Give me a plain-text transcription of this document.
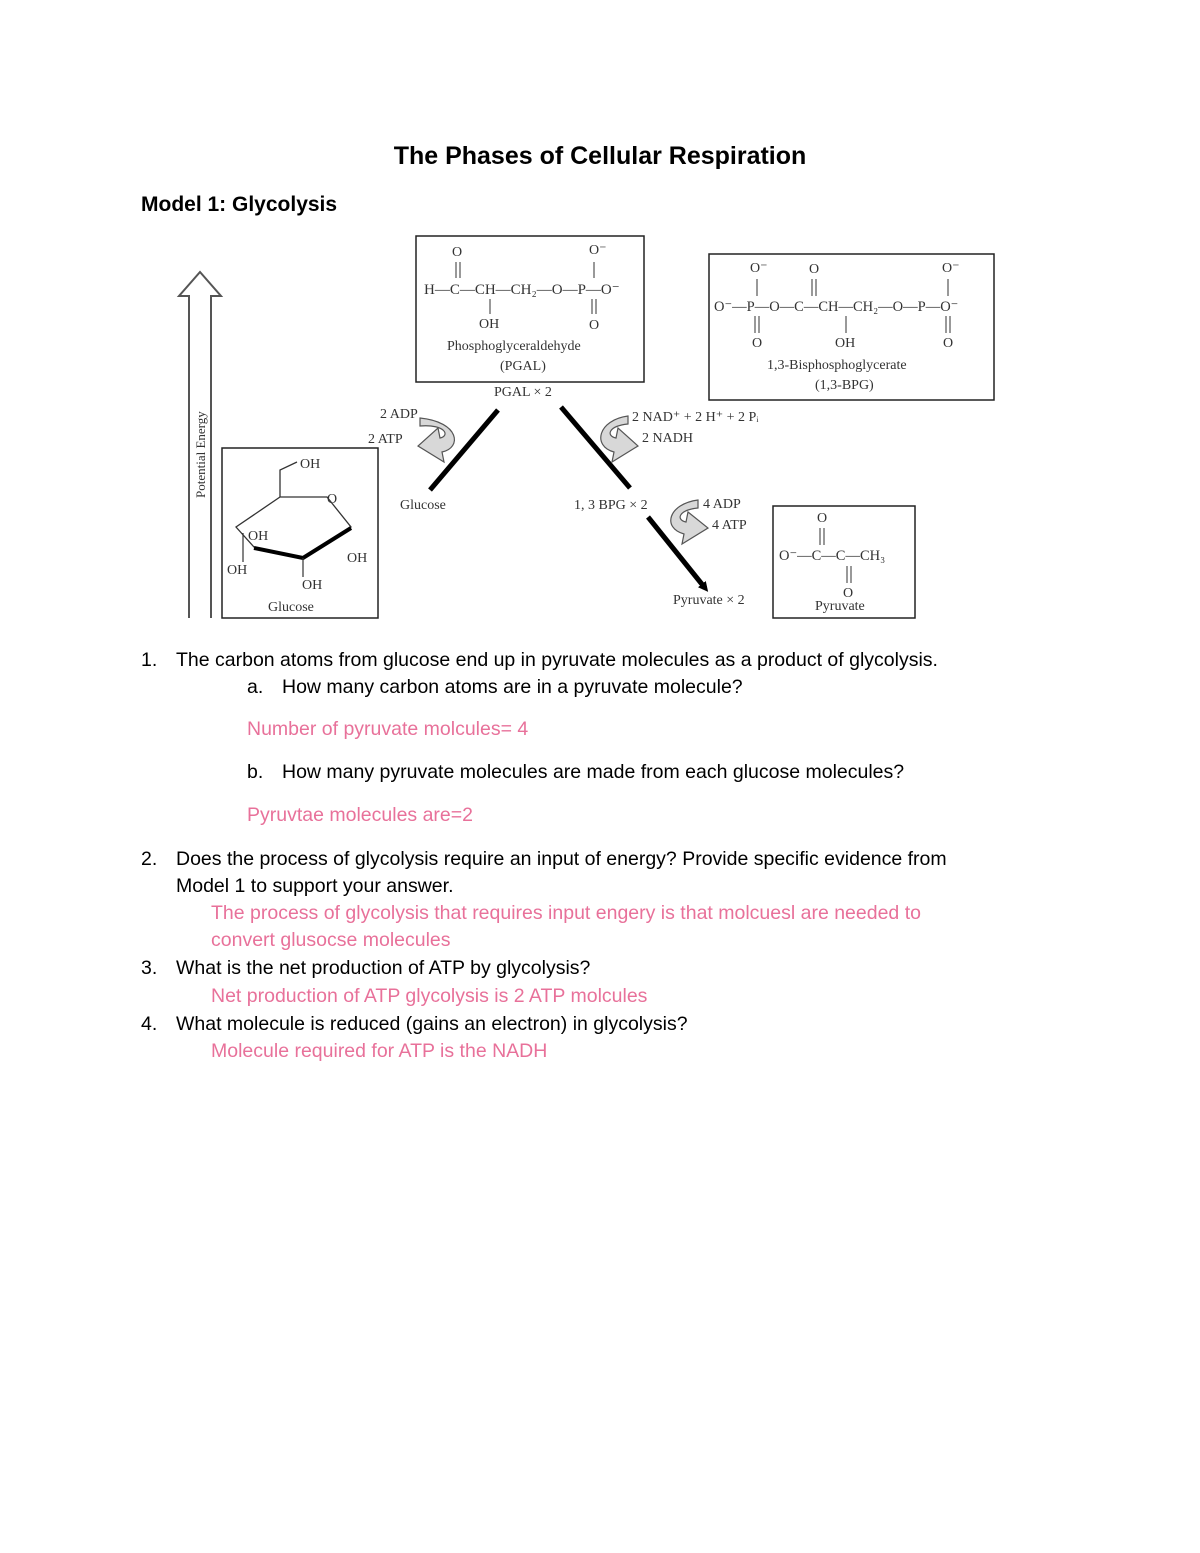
The Phases of Cellular Respiration
Model 1: Glycolysis
Potential Energy	OH
O
OH
OH
OH
OH
Glucose
O	O⁻
H—C—CH—CH₂—O—P—O⁻
OH	O
Phosphoglyceraldehyde
(PGAL)
O⁻	O	O⁻
O⁻—P—O—C—CH—CH₂—O—P—O⁻
O	OH	O
1,3-Bisphosphoglycerate
(1,3-BPG)
O
O⁻—C—C—CH₃
O
Pyruvate
PGAL × 2
2 ADP
2 ATP
Glucose
2 NAD⁺ + 2 H⁺ + 2 Pᵢ
2 NADH
1, 3 BPG × 2	4 ADP
4 ATP
Pyruvate × 2
1. The carbon atoms from glucose end up in pyruvate molecules as a product of glycolysis.
a. How many carbon atoms are in a pyruvate molecule?
Number of pyruvate molcules= 4
b. How many pyruvate molecules are made from each glucose molecules?
Pyruvtae molecules are=2
2. Does the process of glycolysis require an input of energy? Provide specific evidence from
Model 1 to support your answer.
The process of glycolysis that requires input engery is that molcuesl are needed to
convert glusocse molecules
3. What is the net production of ATP by glycolysis?
Net production of ATP glycolysis is 2 ATP molcules
4. What molecule is reduced (gains an electron) in glycolysis?
Molecule required for ATP is the NADH
